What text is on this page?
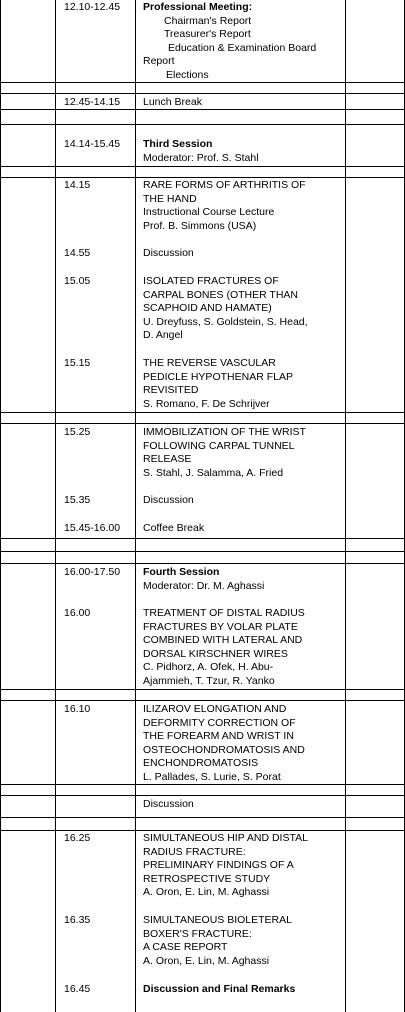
12.10-12.45 Professional Meeting:
Chairman's Report
Treasurer's Report
Education & Examination Board
Report
Elections
12.45-14.15 Lunch Break
14.14-15.45 Third Session
Moderator: Prof. S. Stahl
14.15	RARE FORMS OF ARTHRITIS OF
THE HAND
Instructional Course Lecture
Prof. B. Simmons (USA)
14.55	Discussion
15.05	ISOLATED FRACTURES OF
CARPAL BONES (OTHER THAN
SCAPHOID AND HAMATE)
U. Dreyfuss, S. Goldstein, S. Head,
D. Angel
15.15	THE REVERSE VASCULAR
PEDICLE HYPOTHENAR FLAP
REVISITED
S. Romano, F. De Schrijver
15.25	IMMOBILIZATION OF THE WRIST
FOLLOWING CARPAL TUNNEL
RELEASE
S. Stahl, J. Salamma, A. Fried
15.35	Discussion
15.45-16.00 Coffee Break
16.00-17.50 Fourth Session
Moderator: Dr. M. Aghassi
16.00	TREATMENT OF DISTAL RADIUS
FRACTURES BY VOLAR PLATE
COMBINED WITH LATERAL AND
DORSAL KIRSCHNER WIRES
C. Pidhorz, A. Ofek, H. Abu-
Ajammieh, T. Tzur, R. Yanko
16.10	ILIZAROV ELONGATION AND
DEFORMITY CORRECTION OF
THE FOREARM AND WRIST IN
OSTEOCHONDROMATOSIS AND
ENCHONDROMATOSIS
L. Pallades, S. Lurie, S. Porat
Discussion
16.25	SIMULTANEOUS HIP AND DISTAL
RADIUS FRACTURE:
PRELIMINARY FINDINGS OF A
RETROSPECTIVE STUDY
A. Oron, E. Lin, M. Aghassi
16.35	SIMULTANEOUS BIOLETERAL
BOXER'S FRACTURE:
A CASE REPORT
A. Oron, E. Lin, M. Aghassi
16.45	Discussion and Final Remarks
